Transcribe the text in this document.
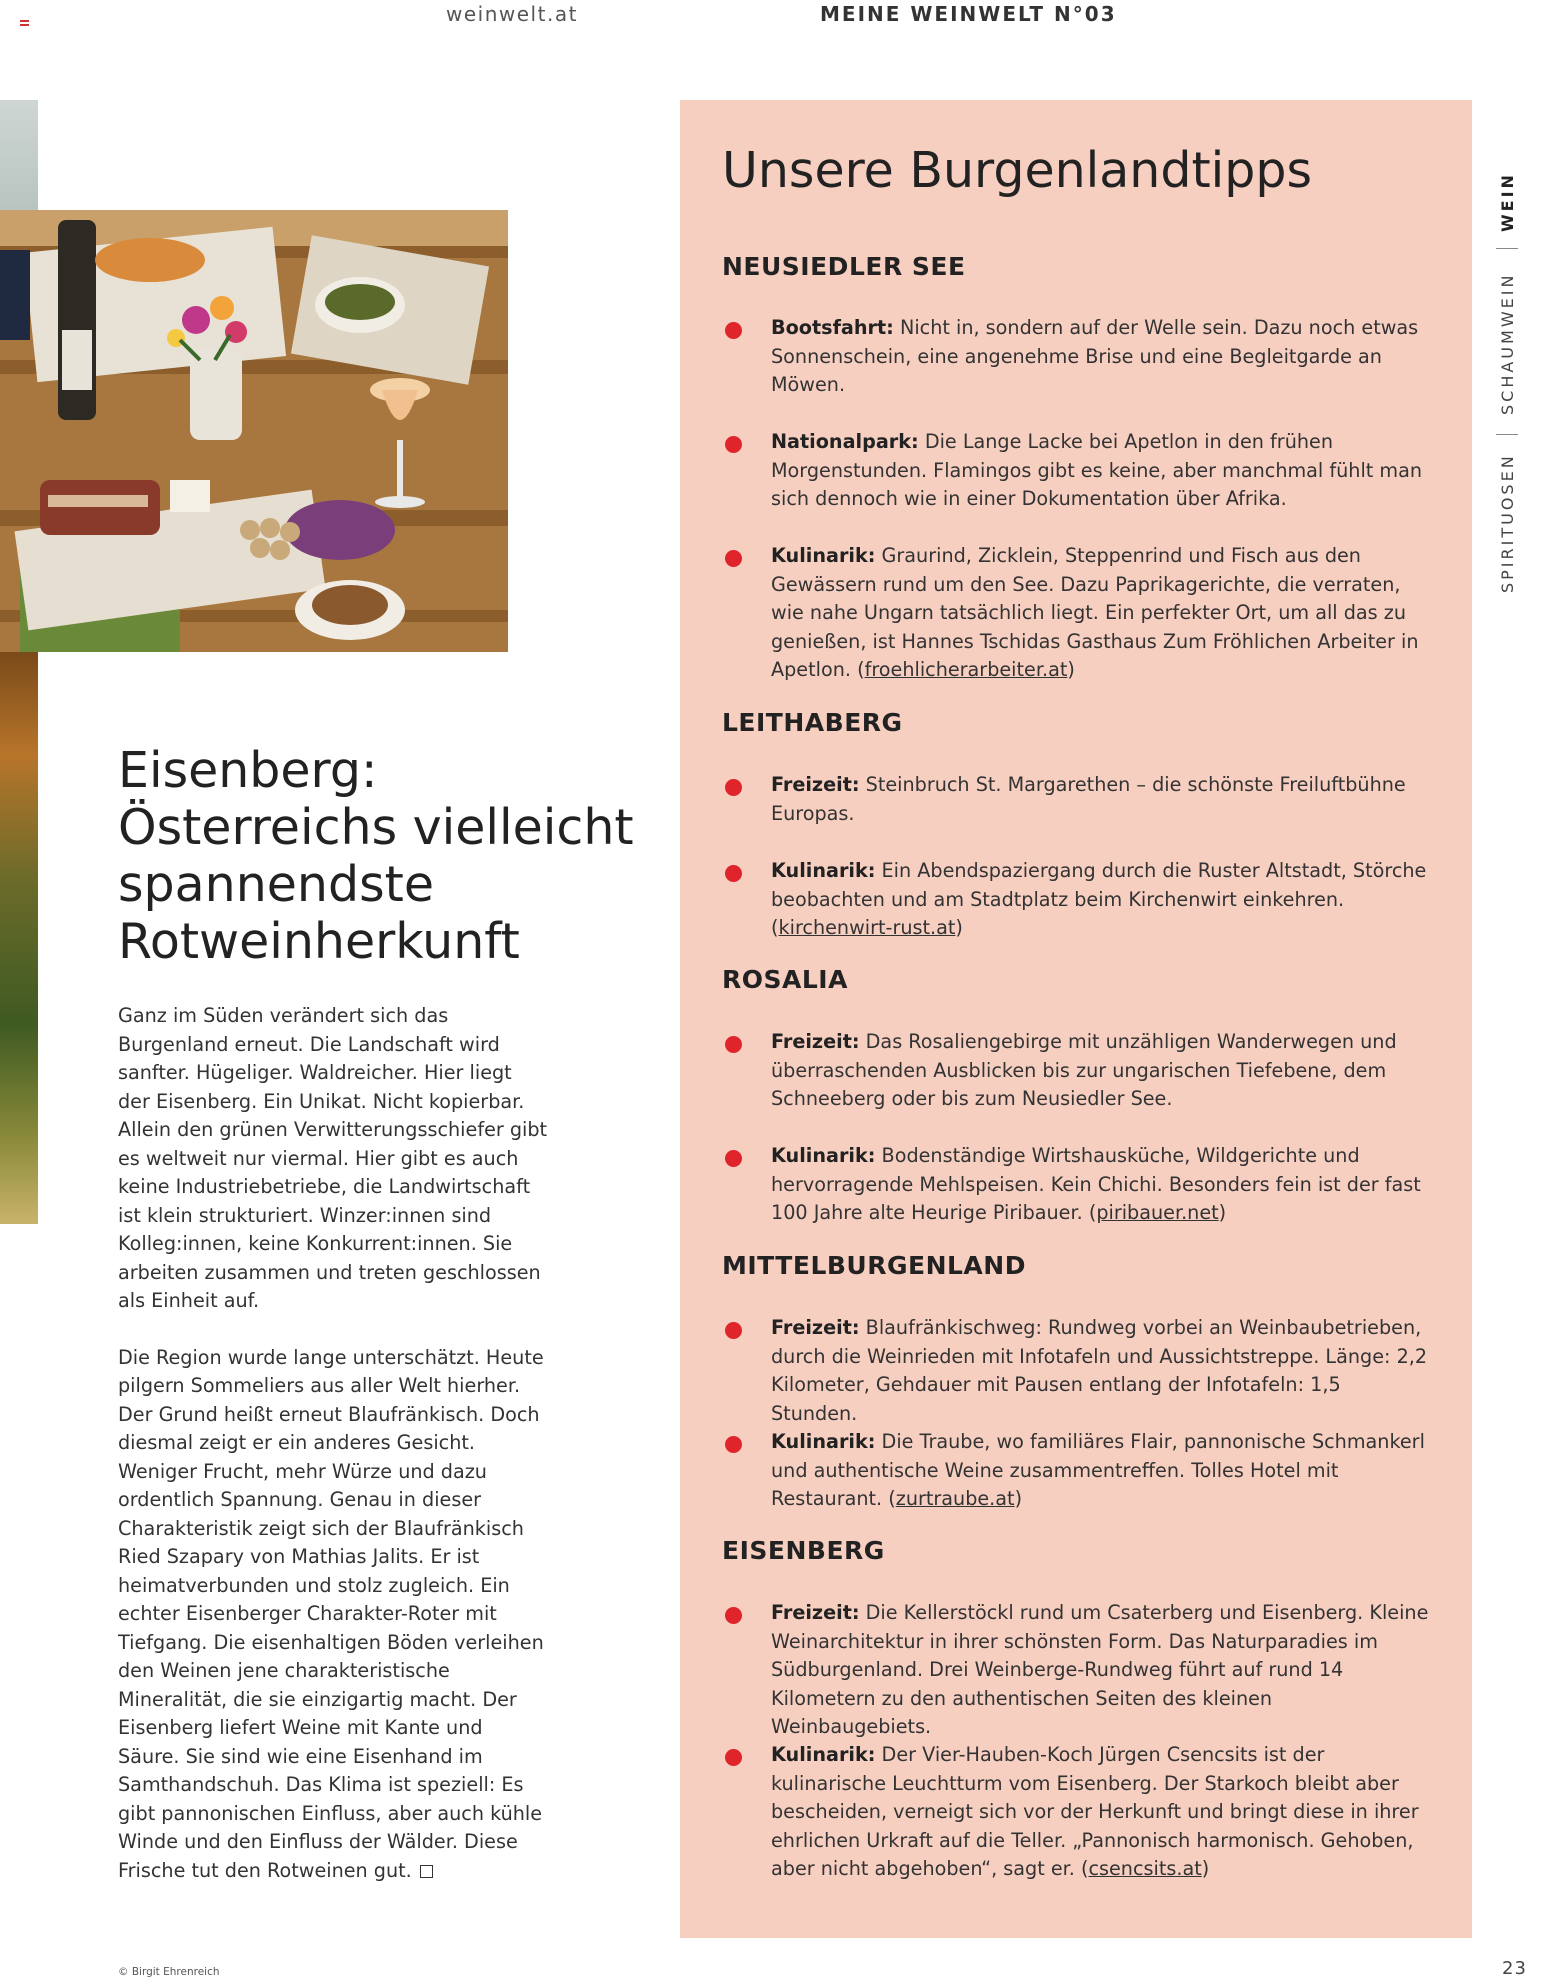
weinwelt.at	MEINE WEINWELT N°03
Eisenberg:
Österreichs vielleicht
spannendste
Rotweinherkunft

Ganz im Süden verändert sich das Burgenland erneut. Die Landschaft wird sanfter. Hügeliger. Waldreicher. Hier liegt der Eisenberg. Ein Unikat. Nicht kopierbar. Allein den grünen Verwitterungsschiefer gibt es weltweit nur viermal. Hier gibt es auch keine Industriebetriebe, die Landwirtschaft ist klein strukturiert. Winzer:innen sind Kolleg:innen, keine Konkurrent:innen. Sie arbeiten zusammen und treten geschlossen als Einheit auf.

Die Region wurde lange unterschätzt. Heute pilgern Sommeliers aus aller Welt hierher. Der Grund heißt erneut Blaufränkisch. Doch diesmal zeigt er ein anderes Gesicht. Weniger Frucht, mehr Würze und dazu ordentlich Spannung. Genau in dieser Charakteristik zeigt sich der Blaufränkisch Ried Szapary von Mathias Jalits. Er ist heimatverbunden und stolz zugleich. Ein echter Eisenberger Charakter-Roter mit Tiefgang. Die eisenhaltigen Böden verleihen den Weinen jene charakteristische Mineralität, die sie einzigartig macht. Der Eisenberg liefert Weine mit Kante und Säure. Sie sind wie eine Eisenhand im Samthandschuh. Das Klima ist speziell: Es gibt pannonischen Einfluss, aber auch kühle Winde und den Einfluss der Wälder. Diese Frische tut den Rotweinen gut.

Unsere Burgenlandtipps
NEUSIEDLER SEE
Bootsfahrt: Nicht in, sondern auf der Welle sein. Dazu noch etwas Sonnenschein, eine angenehme Brise und eine Begleitgarde an Möwen.
Nationalpark: Die Lange Lacke bei Apetlon in den frühen Morgenstunden. Flamingos gibt es keine, aber manchmal fühlt man sich dennoch wie in einer Dokumentation über Afrika.
Kulinarik: Graurind, Zicklein, Steppenrind und Fisch aus den Gewässern rund um den See. Dazu Paprikagerichte, die verraten, wie nahe Ungarn tatsächlich liegt. Ein perfekter Ort, um all das zu genießen, ist Hannes Tschidas Gasthaus Zum Fröhlichen Arbeiter in Apetlon. (froehlicherarbeiter.at)
LEITHABERG
Freizeit: Steinbruch St. Margarethen – die schönste Freiluftbühne Europas.
Kulinarik: Ein Abendspaziergang durch die Ruster Altstadt, Störche beobachten und am Stadtplatz beim Kirchenwirt einkehren. (kirchenwirt-rust.at)
ROSALIA
Freizeit: Das Rosaliengebirge mit unzähligen Wanderwegen und überraschenden Ausblicken bis zur ungarischen Tiefebene, dem Schneeberg oder bis zum Neusiedler See.
Kulinarik: Bodenständige Wirtshausküche, Wildgerichte und hervorragende Mehlspeisen. Kein Chichi. Besonders fein ist der fast 100 Jahre alte Heurige Piribauer. (piribauer.net)
MITTELBURGENLAND
Freizeit: Blaufränkischweg: Rundweg vorbei an Weinbaubetrieben, durch die Weinrieden mit Infotafeln und Aussichtstreppe. Länge: 2,2 Kilometer, Gehdauer mit Pausen entlang der Infotafeln: 1,5 Stunden.
Kulinarik: Die Traube, wo familiäres Flair, pannonische Schmankerl und authentische Weine zusammentreffen. Tolles Hotel mit Restaurant. (zurtraube.at)
EISENBERG
Freizeit: Die Kellerstöckl rund um Csaterberg und Eisenberg. Kleine Weinarchitektur in ihrer schönsten Form. Das Naturparadies im Südburgenland. Drei Weinberge-Rundweg führt auf rund 14 Kilometern zu den authentischen Seiten des kleinen Weinbaugebiets.
Kulinarik: Der Vier-Hauben-Koch Jürgen Csencsits ist der kulinarische Leuchtturm vom Eisenberg. Der Starkoch bleibt aber bescheiden, verneigt sich vor der Herkunft und bringt diese in ihrer ehrlichen Urkraft auf die Teller. „Pannonisch harmonisch. Gehoben, aber nicht abgehoben“, sagt er. (csencsits.at)
WEIN
SCHAUMWEIN
SPIRITUOSEN
© Birgit Ehrenreich	23
